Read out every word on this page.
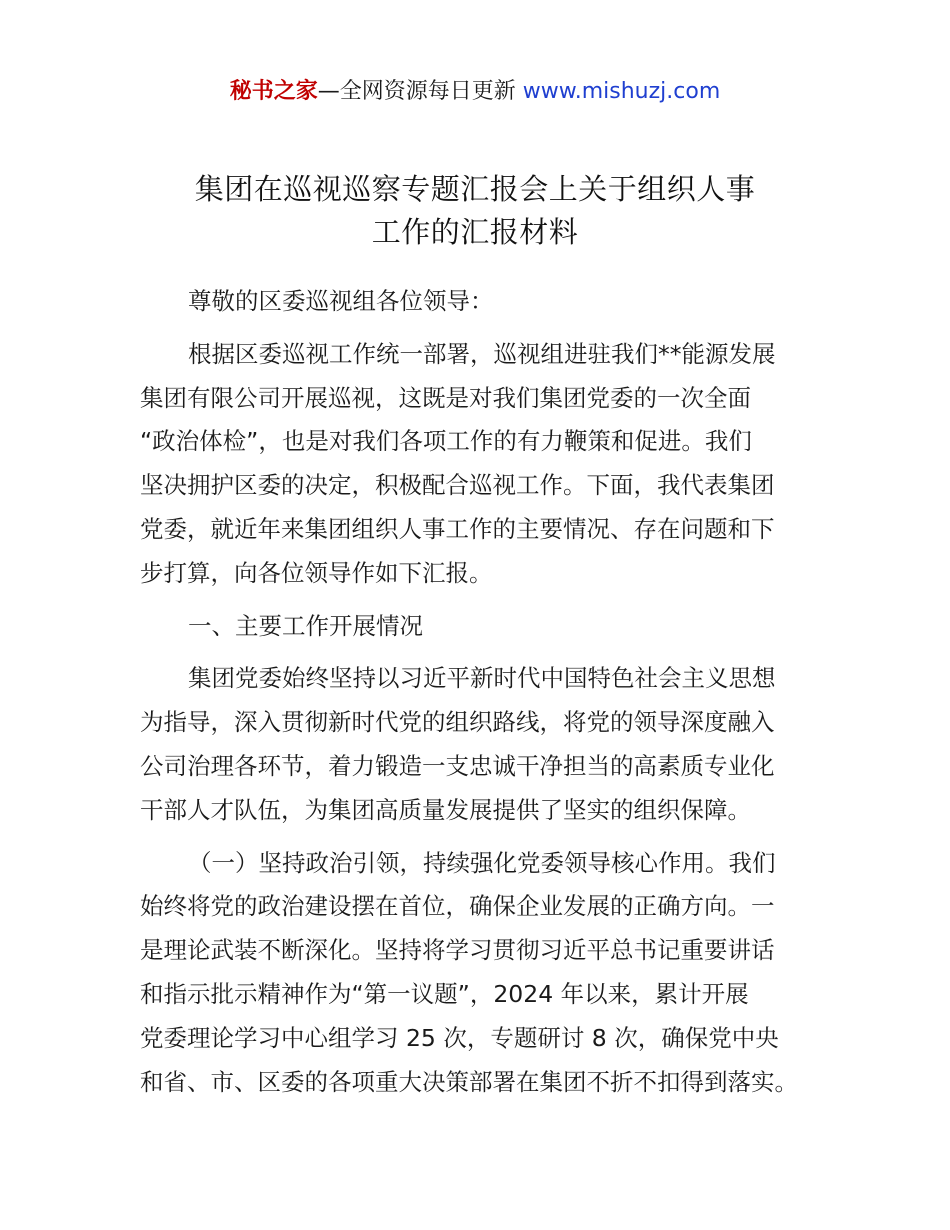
秘书之家—全网资源每日更新 www.mishuzj.com
集团在巡视巡察专题汇报会上关于组织人事
工作的汇报材料
尊敬的区委巡视组各位领导：
根据区委巡视工作统一部署，巡视组进驻我们**能源发展
集团有限公司开展巡视，这既是对我们集团党委的一次全面
“政治体检”，也是对我们各项工作的有力鞭策和促进。我们
坚决拥护区委的决定，积极配合巡视工作。下面，我代表集团
党委，就近年来集团组织人事工作的主要情况、存在问题和下
步打算，向各位领导作如下汇报。
一、主要工作开展情况
集团党委始终坚持以习近平新时代中国特色社会主义思想
为指导，深入贯彻新时代党的组织路线，将党的领导深度融入
公司治理各环节，着力锻造一支忠诚干净担当的高素质专业化
干部人才队伍，为集团高质量发展提供了坚实的组织保障。
（一）坚持政治引领，持续强化党委领导核心作用。我们
始终将党的政治建设摆在首位，确保企业发展的正确方向。一
是理论武装不断深化。坚持将学习贯彻习近平总书记重要讲话
和指示批示精神作为“第一议题”，2024 年以来，累计开展
党委理论学习中心组学习 25 次，专题研讨 8 次，确保党中央
和省、市、区委的各项重大决策部署在集团不折不扣得到落实。
